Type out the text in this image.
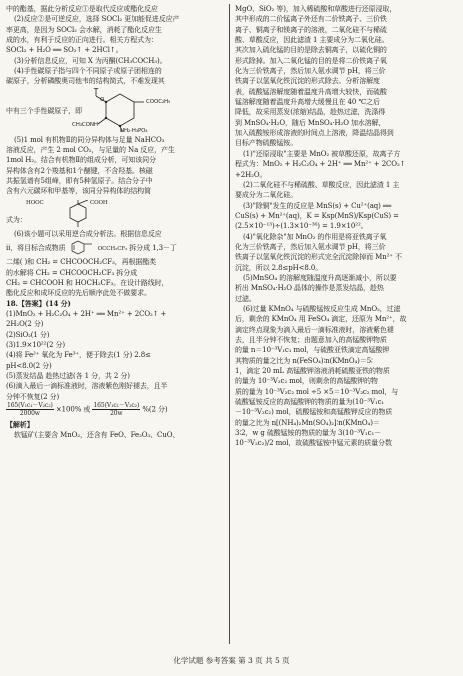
中的酯基，据此分析反应①是取代反应或酯化反应

(2)反应②是可逆反应，选择 SOCl₂ 更加能促进反应产

率更高，是因为 SOCl₂ 会水解，消耗了酯化反应生

成的水，有利于反应的正向进行。相关方程式为：

SOCl₂ + H₂O ══ SO₂↑ + 2HCl↑。

(3)分析信息反应，可知 X 为丙酮(CH₃COCH₃)。

(4)手性碳原子指与四个不同原子或原子团相连的

碳原子，分析磷酸奥司他韦的结构简式，不难发现其

中有三个手性碳原子，即
O	COOC₂H₅
CH₃CONH
NH₂·H₃PO₄

(5)1 mol 有机物Ⅱ的同分异构体与足量 NaHCO₃

溶液反应，产生 2 mol CO₂，与足量的 Na 反应，产生

1mol H₂。结合有机物Ⅱ的组成分析，可知该同分

异构体含有2个羧基和1个醚键，不含羟基。核磁

共振氢谱有5组峰，即有5种氢原子。结合分子中

含有六元碳环和甲基等，该同分异构体的结构简

式为：
HOOC	COOH

(6)该小题可以采用逆合成分析法。根据信息反应

ii，将目标合成物质	OCCH₂CF₃ 拆分成 1,3－丁

二烯( )和 CH₂ = CHCOOCH₂CF₃，再根据酯类

的水解将 CH₂ = CHCOOCH₂CF₃ 拆分成

CH₂ = CHCOOH 和 HOCH₂CF₃。在设计路线时，

酯化反应和成环反应的先后顺序此处不做要求。

18.【答案】(14 分)

(1)MnO₂ + H₂C₂O₄ + 2H⁺ ══ Mn²⁺ + 2CO₂↑ +

2H₂O(2 分)

(2)SiO₂(1 分)

(3)1.9×10²²(2 分)

(4)将 Fe²⁺ 氧化为 Fe³⁺，便于除去(1 分) 2.8≤

pH<8.0(2 分)

(5)蒸发结晶 趁热过滤(各 1 分，共 2 分)

(6)滴入最后一滴标准液时，溶液紫色刚好褪去，且半

分钟不恢复(2 分)

$\frac{\text{165(V₁c₁－V₂c₂)}}{2000w} \times 100\%$ 或 $\frac{\text{165(V₁c₁－V₂c₂)}}{20w} \%(2$ 分)

【解析】

软锰矿(主要含 MnO₂，还含有 FeO、Fe₂O₃、CuO、

MgO、SiO₂ 等)，加入稀硫酸和草酸进行还原浸取，

其中形成的二价锰离子外还有二价铁离子、三价铁

离子、铜离子和镁离子的溶液，二氧化硅不与稀硫

酸、草酸反应，因此滤渣 1 主要成分为二氧化硅。

其次加入硫化锰的目的是除去铜离子，以硫化铜的

形式除掉。加入二氧化锰的目的是将二价铁离子氧

化为三价铁离子，然后加入氨水调节 pH，将三价

铁离子以氢氧化铁沉淀的形式除去。分析溶解度

表，硫酸锰溶解度随着温度升高增大较快，而硫酸

锰溶解度随着温度升高增大缓慢且在 40 ℃之后

降低，故采用蒸发(浓缩)结晶，趁热过滤，洗涤得

到 MnSO₄·H₂O，随后 MnSO₄·H₂O 加水溶解，

加入硫酸铵形成溶液的时间点上溶液，降温结晶得到

目标产物硫酸锰铵。

(1)"还原浸取"主要是 MnO₂ 被草酸还原，故离子方

程式为：MnO₂ + H₂C₂O₄ + 2H⁺ ══ Mn²⁺ + 2CO₂↑

+2H₂O。

(2)二氧化硅不与稀硫酸、草酸反应，因此滤渣 1 主

要成分为二氧化硅。

(3)"除铜"发生的反应是 MnS(s) + Cu²⁺(aq) ══

CuS(s) + Mn²⁺(aq)，K = Ksp(MnS)/Ksp(CuS) =

(2.5×10⁻¹³)÷(1.3×10⁻³⁶) = 1.9×10²²。

(4)"氧化除杂"加 MnO₂ 的作用是将亚铁离子氧

化为三价铁离子，然后加入氨水调节 pH，将三价

铁离子以氢氧化铁沉淀的形式完全沉淀除掉而 Mn²⁺ 不

沉淀，所以 2.8≤pH<8.0。

(5)MnSO₄ 的溶解度随温度升高逐渐减小，所以要

析出 MnSO₄·H₂O 晶体的操作是蒸发结晶，趁热

过滤。

(6)过量 KMnO₄ 与硫酸锰铵反应生成 MnO₂，过滤

后，剩余的 KMnO₄ 用 FeSO₄ 滴定，还原为 Mn²⁺，故

滴定终点现象为滴入最后一滴标准液时，溶液紫色褪

去，且半分钟不恢复；由题意加入的高锰酸钾物质

的量 n＝10⁻³V₁c₁ mol，与硫酸亚铁滴定高锰酸钾

其物质的量之比为 n(FeSO₄)∶n(KMnO₄)＝5∶

1，滴定 20 mL 高锰酸钾溶液消耗硫酸亚铁的物质

的量为 10⁻³V₂c₂ mol，则剩余的高锰酸钾的物

质的量为 10⁻³V₂c₂ mol ÷5 ×5＝10⁻³V₂c₂ mol，与

硫酸锰铵反应的高锰酸钾的物质的量为(10⁻³V₁c₁

－10⁻³V₂c₂) mol，硫酸锰铵和高锰酸钾反应的物质

的量之比为 n[(NH₄)₂Mn(SO₄)₂]∶n(KMnO₄)＝

3∶2，w g 硫酸锰铵的物质的量为 3(10⁻³V₁c₁－

10⁻³V₂c₂)/2 mol，故硫酸锰铵中锰元素的质量分数

化学试题 参考答案 第 3 页 共 5 页
